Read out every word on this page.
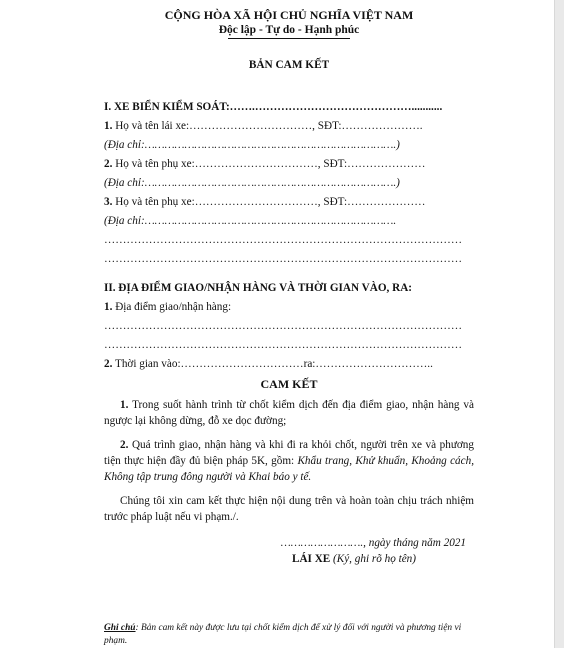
CỘNG HÒA XÃ HỘI CHỦ NGHĨA VIỆT NAM
Độc lập - Tự do - Hạnh phúc
BẢN CAM KẾT
I. XE BIỂN KIỂM SOÁT:…….……………………………………...........
1. Họ và tên lái xe:……………………………, SĐT:………………….
(Địa chỉ:………………………………………………………………….)
2. Họ và tên phụ xe:……………………………, SĐT:…………………
(Địa chỉ:………………………………………………………………….)
3. Họ và tên phụ xe:……………………………, SĐT:…………………
(Địa chỉ:………………………………………………………………….
……………………………………………………………………………………
……………………………………………………………………………………
II. ĐỊA ĐIỂM GIAO/NHẬN HÀNG VÀ THỜI GIAN VÀO, RA:
1. Địa điểm giao/nhận hàng:
……………………………………………………………………………………
……………………………………………………………………………………
2. Thời gian vào:……………………………ra:…………………………..
CAM KẾT
1. Trong suốt hành trình từ chốt kiểm dịch đến địa điểm giao, nhận hàng và ngược lại không dừng, đỗ xe dọc đường;
2. Quá trình giao, nhận hàng và khi đi ra khỏi chốt, người trên xe và phương tiện thực hiện đầy đủ biện pháp 5K, gồm: Khẩu trang, Khử khuẩn, Khoảng cách, Không tập trung đông người và Khai báo y tế.
Chúng tôi xin cam kết thực hiện nội dung trên và hoàn toàn chịu trách nhiệm trước pháp luật nếu vi phạm./.
……………………., ngày tháng năm 2021
LÁI XE (Ký, ghi rõ họ tên)
Ghi chú: Bản cam kết này được lưu tại chốt kiểm dịch để xử lý đối với người và phương tiện vi phạm.
